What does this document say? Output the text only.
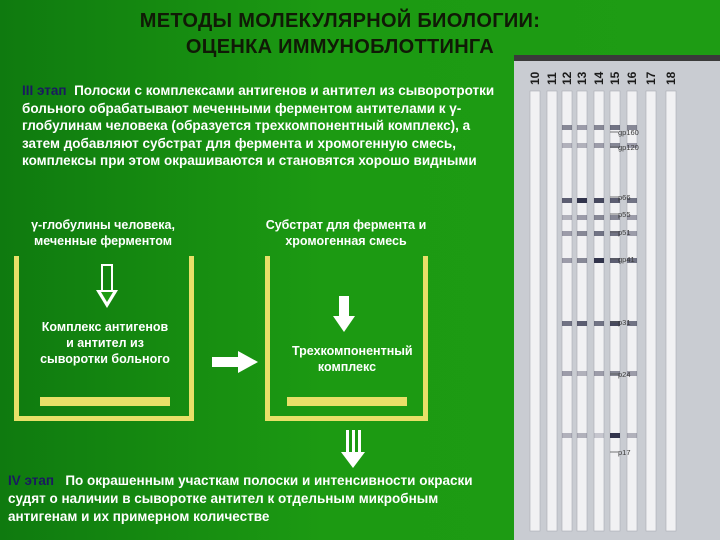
МЕТОДЫ МОЛЕКУЛЯРНОЙ БИОЛОГИИ:
ОЦЕНКА ИММУНОБЛОТТИНГА
III этап Полоски с комплексами антигенов и антител из сыворотротки больного обрабатывают меченными ферментом антителами к γ-глобулинам человека (образуется трехкомпонентный комплекс), а затем добавляют субстрат для фермента и хромогенную смесь, комплексы при этом окрашиваются и становятся хорошо видными
γ-глобулины человека, меченные ферментом
Субстрат для фермента и хромогенная смесь
Комплекс антигенов и антител из сыворотки больного
Трехкомпонентный комплекс
IV этап По окрашенным участкам полоски и интенсивности окраски судят о наличии в сыворотке антител к отдельным микробным антигенам и их примерном количестве
10 11 12 13 14 15 16 17 18
gp160
gp120
p66
p55
p51
gp41
p31
p24
p17
